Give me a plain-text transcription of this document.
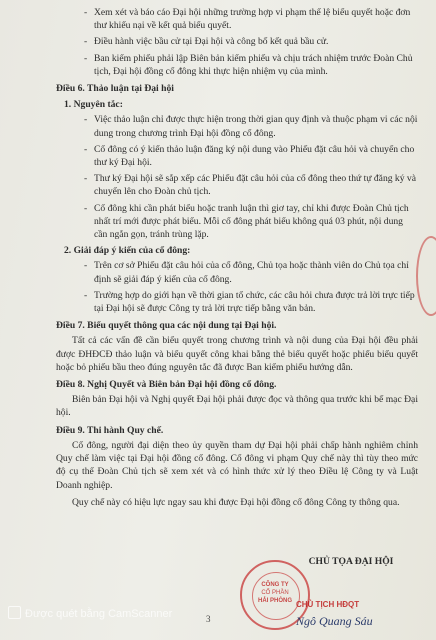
- Xem xét và báo cáo Đại hội những trường hợp vi phạm thể lệ biểu quyết hoặc đơn thư khiếu nại về kết quả biểu quyết.
- Điều hành việc bầu cử tại Đại hội và công bố kết quả bầu cử.
- Ban kiểm phiếu phải lập Biên bản kiểm phiếu và chịu trách nhiệm trước Đoàn Chủ tịch, Đại hội đồng cổ đông khi thực hiện nhiệm vụ của mình.
Điều 6. Thảo luận tại Đại hội
1. Nguyên tắc:
- Việc thảo luận chỉ được thực hiện trong thời gian quy định và thuộc phạm vi các nội dung trong chương trình Đại hội đồng cổ đông.
- Cổ đông có ý kiến thảo luận đăng ký nội dung vào Phiếu đặt câu hỏi và chuyển cho thư ký Đại hội.
- Thư ký Đại hội sẽ sắp xếp các Phiếu đặt câu hỏi của cổ đông theo thứ tự đăng ký và chuyển lên cho Đoàn chủ tịch.
- Cổ đông khi cần phát biểu hoặc tranh luận thì giơ tay, chỉ khi được Đoàn Chủ tịch nhất trí mới được phát biểu. Mỗi cổ đông phát biểu không quá 03 phút, nội dung cần ngắn gọn, tránh trùng lặp.
2. Giải đáp ý kiến của cổ đông:
- Trên cơ sở Phiếu đặt câu hỏi của cổ đông, Chủ tọa hoặc thành viên do Chủ tọa chỉ định sẽ giải đáp ý kiến của cổ đông.
- Trường hợp do giới hạn về thời gian tổ chức, các câu hỏi chưa được trả lời trực tiếp tại Đại hội sẽ được Công ty trả lời trực tiếp bằng văn bản.
Điều 7. Biểu quyết thông qua các nội dung tại Đại hội.
Tất cả các vấn đề cần biểu quyết trong chương trình và nội dung của Đại hội đều phải được ĐHĐCĐ thảo luận và biểu quyết công khai bằng thẻ biểu quyết hoặc phiếu biểu quyết hoặc bỏ phiếu bầu theo đúng nguyên tắc đã được Ban kiểm phiếu hướng dẫn.
Điều 8. Nghị Quyết và Biên bản Đại hội đồng cổ đông.
Biên bản Đại hội và Nghị quyết Đại hội phải được đọc và thông qua trước khi bế mạc Đại hội.
Điều 9. Thi hành Quy chế.
Cổ đông, người đại diện theo ủy quyền tham dự Đại hội phải chấp hành nghiêm chỉnh Quy chế làm việc tại Đại hội đồng cổ đông. Cổ đông vi phạm Quy chế này thì tùy theo mức độ cụ thể Đoàn Chủ tịch sẽ xem xét và có hình thức xử lý theo Điều lệ Công ty và Luật Doanh nghiệp.
Quy chế này có hiệu lực ngay sau khi được Đại hội đồng cổ đông Công ty thông qua.
CÔNG TY
CỔ PHẦN
HẢI PHÒNG
CHỦ TỌA ĐẠI HỘI
CHỦ TỊCH HĐQT
Ngô Quang Sáu
3
Được quét bằng CamScanner
